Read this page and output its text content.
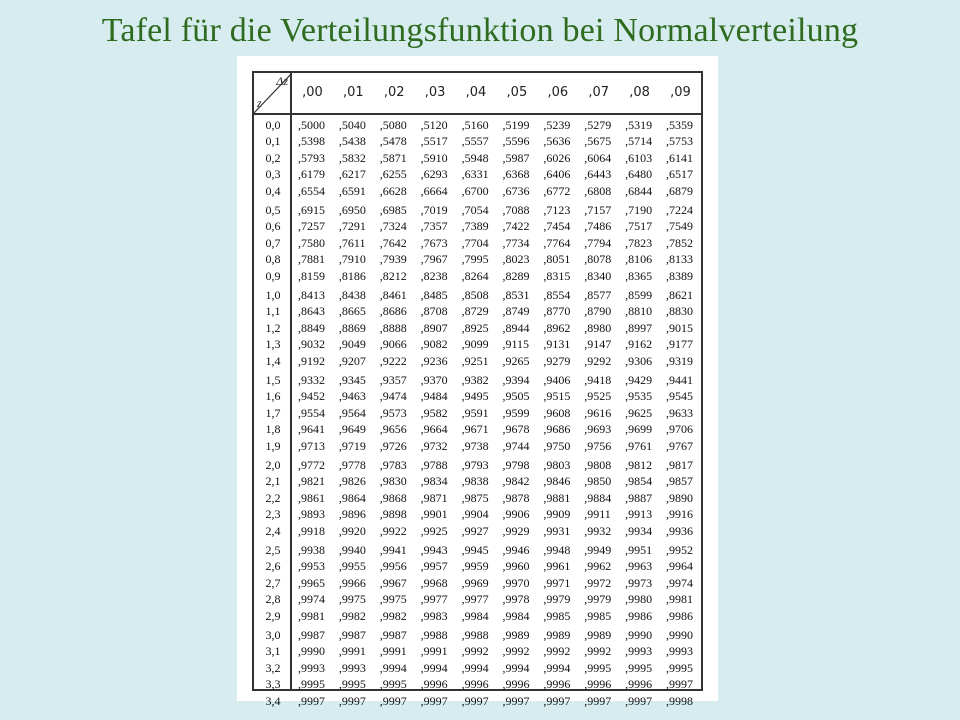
Tafel für die Verteilungsfunktion bei Normalverteilung
Δz
z
,00	,01	,02	,03	,04	,05	,06	,07	,08	,09
0,0	,5000	,5040	,5080	,5120	,5160	,5199	,5239	,5279	,5319	,5359
0,1	,5398	,5438	,5478	,5517	,5557	,5596	,5636	,5675	,5714	,5753
0,2	,5793	,5832	,5871	,5910	,5948	,5987	,6026	,6064	,6103	,6141
0,3	,6179	,6217	,6255	,6293	,6331	,6368	,6406	,6443	,6480	,6517
0,4	,6554	,6591	,6628	,6664	,6700	,6736	,6772	,6808	,6844	,6879
0,5	,6915	,6950	,6985	,7019	,7054	,7088	,7123	,7157	,7190	,7224
0,6	,7257	,7291	,7324	,7357	,7389	,7422	,7454	,7486	,7517	,7549
0,7	,7580	,7611	,7642	,7673	,7704	,7734	,7764	,7794	,7823	,7852
0,8	,7881	,7910	,7939	,7967	,7995	,8023	,8051	,8078	,8106	,8133
0,9	,8159	,8186	,8212	,8238	,8264	,8289	,8315	,8340	,8365	,8389
1,0	,8413	,8438	,8461	,8485	,8508	,8531	,8554	,8577	,8599	,8621
1,1	,8643	,8665	,8686	,8708	,8729	,8749	,8770	,8790	,8810	,8830
1,2	,8849	,8869	,8888	,8907	,8925	,8944	,8962	,8980	,8997	,9015
1,3	,9032	,9049	,9066	,9082	,9099	,9115	,9131	,9147	,9162	,9177
1,4	,9192	,9207	,9222	,9236	,9251	,9265	,9279	,9292	,9306	,9319
1,5	,9332	,9345	,9357	,9370	,9382	,9394	,9406	,9418	,9429	,9441
1,6	,9452	,9463	,9474	,9484	,9495	,9505	,9515	,9525	,9535	,9545
1,7	,9554	,9564	,9573	,9582	,9591	,9599	,9608	,9616	,9625	,9633
1,8	,9641	,9649	,9656	,9664	,9671	,9678	,9686	,9693	,9699	,9706
1,9	,9713	,9719	,9726	,9732	,9738	,9744	,9750	,9756	,9761	,9767
2,0	,9772	,9778	,9783	,9788	,9793	,9798	,9803	,9808	,9812	,9817
2,1	,9821	,9826	,9830	,9834	,9838	,9842	,9846	,9850	,9854	,9857
2,2	,9861	,9864	,9868	,9871	,9875	,9878	,9881	,9884	,9887	,9890
2,3	,9893	,9896	,9898	,9901	,9904	,9906	,9909	,9911	,9913	,9916
2,4	,9918	,9920	,9922	,9925	,9927	,9929	,9931	,9932	,9934	,9936
2,5	,9938	,9940	,9941	,9943	,9945	,9946	,9948	,9949	,9951	,9952
2,6	,9953	,9955	,9956	,9957	,9959	,9960	,9961	,9962	,9963	,9964
2,7	,9965	,9966	,9967	,9968	,9969	,9970	,9971	,9972	,9973	,9974
2,8	,9974	,9975	,9975	,9977	,9977	,9978	,9979	,9979	,9980	,9981
2,9	,9981	,9982	,9982	,9983	,9984	,9984	,9985	,9985	,9986	,9986
3,0	,9987	,9987	,9987	,9988	,9988	,9989	,9989	,9989	,9990	,9990
3,1	,9990	,9991	,9991	,9991	,9992	,9992	,9992	,9992	,9993	,9993
3,2	,9993	,9993	,9994	,9994	,9994	,9994	,9994	,9995	,9995	,9995
3,3	,9995	,9995	,9995	,9996	,9996	,9996	,9996	,9996	,9996	,9997
3,4	,9997	,9997	,9997	,9997	,9997	,9997	,9997	,9997	,9997	,9998
